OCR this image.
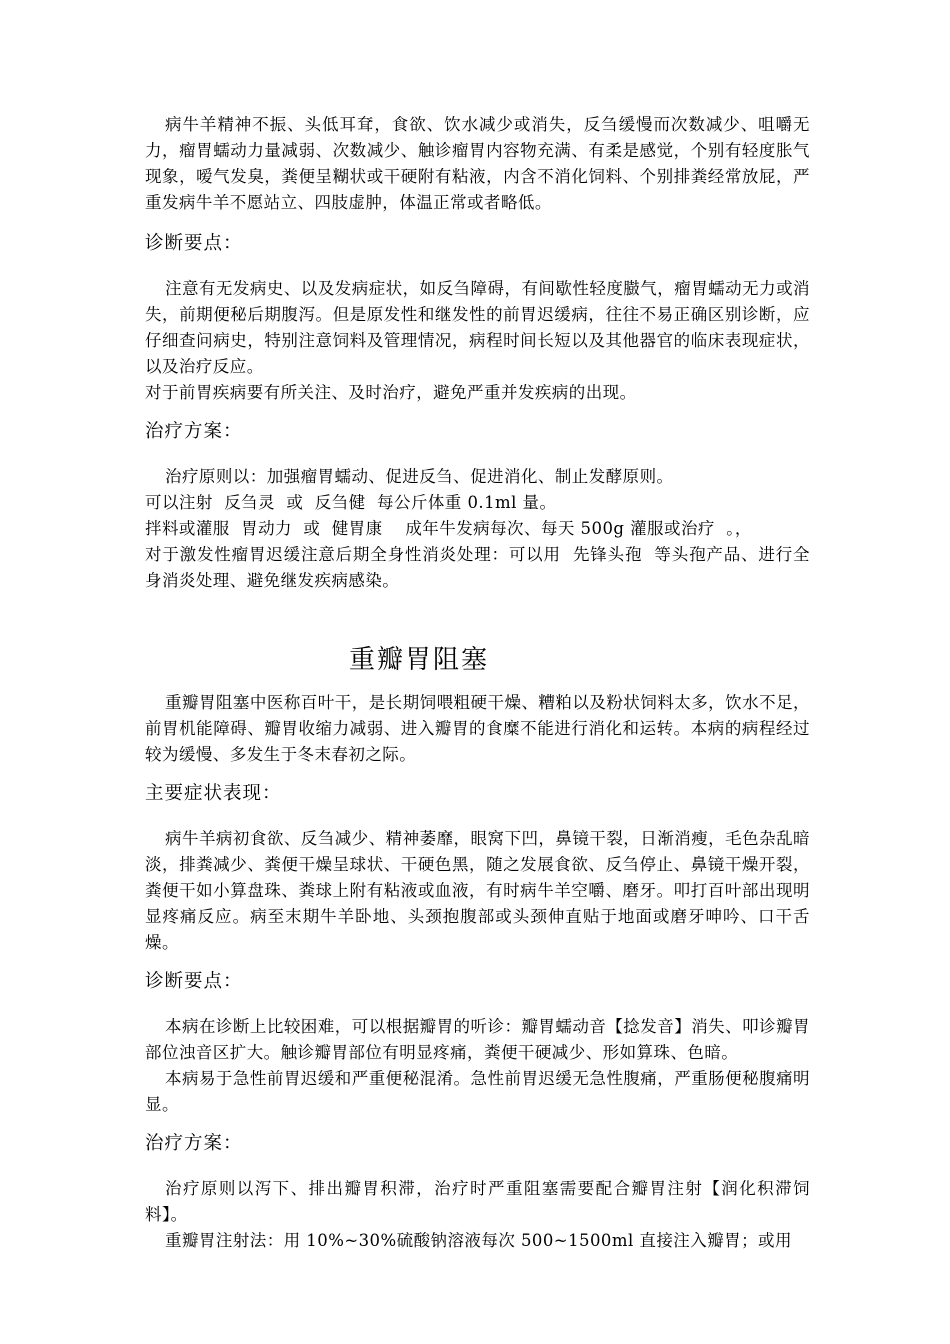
病牛羊精神不振、头低耳耷，食欲、饮水减少或消失，反刍缓慢而次数减少、咀嚼无力，瘤胃蠕动力量减弱、次数减少、触诊瘤胃内容物充满、有柔是感觉，个别有轻度胀气现象，嗳气发臭，粪便呈糊状或干硬附有粘液，内含不消化饲料、个别排粪经常放屁，严重发病牛羊不愿站立、四肢虚肿，体温正常或者略低。

诊断要点：

注意有无发病史、以及发病症状，如反刍障碍，有间歇性轻度臌气，瘤胃蠕动无力或消失，前期便秘后期腹泻。但是原发性和继发性的前胃迟缓病，往往不易正确区别诊断，应仔细查问病史，特别注意饲料及管理情况，病程时间长短以及其他器官的临床表现症状，以及治疗反应。

对于前胃疾病要有所关注、及时治疗，避免严重并发疾病的出现。

治疗方案：

治疗原则以：加强瘤胃蠕动、促进反刍、促进消化、制止发酵原则。

可以注射  反刍灵  或  反刍健  每公斤体重 0.1ml 量。

拌料或灌服  胃动力  或  健胃康    成年牛发病每次、每天 500g 灌服或治疗  。，

对于激发性瘤胃迟缓注意后期全身性消炎处理：可以用  先锋头孢  等头孢产品、进行全身消炎处理、避免继发疾病感染。

重瓣胃阻塞

重瓣胃阻塞中医称百叶干，是长期饲喂粗硬干燥、糟粕以及粉状饲料太多，饮水不足，前胃机能障碍、瓣胃收缩力减弱、进入瓣胃的食糜不能进行消化和运转。本病的病程经过较为缓慢、多发生于冬末春初之际。

主要症状表现：

病牛羊病初食欲、反刍减少、精神萎靡，眼窝下凹，鼻镜干裂，日渐消瘦，毛色杂乱暗淡，排粪减少、粪便干燥呈球状、干硬色黑，随之发展食欲、反刍停止、鼻镜干燥开裂，粪便干如小算盘珠、粪球上附有粘液或血液，有时病牛羊空嚼、磨牙。叩打百叶部出现明显疼痛反应。病至末期牛羊卧地、头颈抱腹部或头颈伸直贴于地面或磨牙呻吟、口干舌燥。

诊断要点：

本病在诊断上比较困难，可以根据瓣胃的听诊：瓣胃蠕动音【捻发音】消失、叩诊瓣胃部位浊音区扩大。触诊瓣胃部位有明显疼痛，粪便干硬减少、形如算珠、色暗。

本病易于急性前胃迟缓和严重便秘混淆。急性前胃迟缓无急性腹痛，严重肠便秘腹痛明显。

治疗方案：

治疗原则以泻下、排出瓣胃积滞，治疗时严重阻塞需要配合瓣胃注射【润化积滞饲料】。

重瓣胃注射法：用 10%~30%硫酸钠溶液每次 500~1500ml 直接注入瓣胃；或用
